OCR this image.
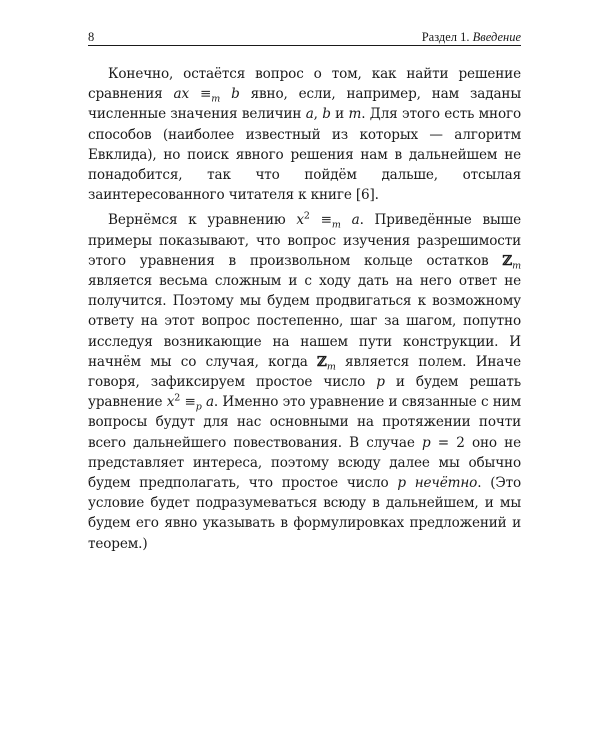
8	Раздел 1. Введение

Конечно, остаётся вопрос о том, как найти решение сравнения ax $\equiv_m$ b явно, если, например, нам заданы численные значения величин a, b и m. Для этого есть много способов (наиболее известный из которых — алгоритм Евклида), но поиск явного решения нам в дальнейшем не понадобится, так что пойдём дальше, отсылая заинтересованного читателя к книге [6].

Вернёмся к уравнению $x^2 \equiv_m$ a. Приведённые выше примеры показывают, что вопрос изучения разрешимости этого уравнения в произвольном кольце остатков ℤ$_m$ является весьма сложным и с ходу дать на него ответ не получится. Поэтому мы будем продвигаться к возможному ответу на этот вопрос постепенно, шаг за шагом, попутно исследуя возникающие на нашем пути конструкции. И начнём мы со случая, когда ℤ$_m$ является полем. Иначе говоря, зафиксируем простое число p и будем решать уравнение $x^2 \equiv_p$ a. Именно это уравнение и связанные с ним вопросы будут для нас основными на протяжении почти всего дальнейшего повествования. В случае p = 2 оно не представляет интереса, поэтому всюду далее мы обычно будем предполагать, что простое число p нечётно. (Это условие будет подразумеваться всюду в дальнейшем, и мы будем его явно указывать в формулировках предложений и теорем.)
